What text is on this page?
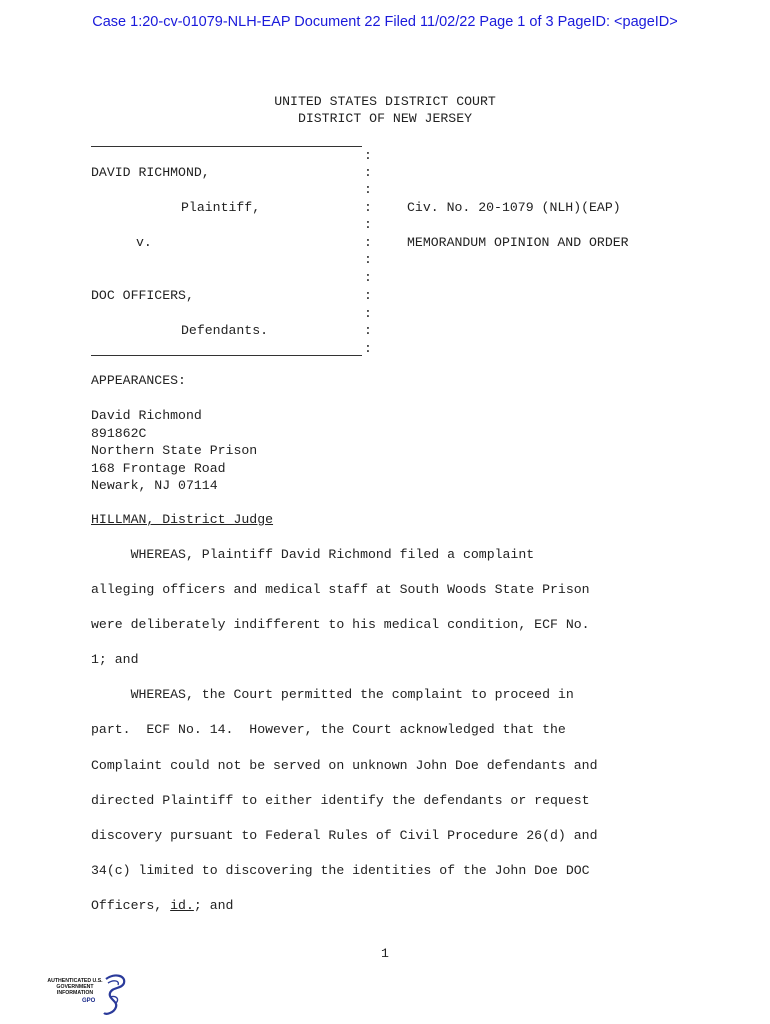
Case 1:20-cv-01079-NLH-EAP Document 22 Filed 11/02/22 Page 1 of 3 PageID: <pageID>
UNITED STATES DISTRICT COURT
DISTRICT OF NEW JERSEY
:
:
:
:
:
:
:
:
:
:
:
:
DAVID RICHMOND,
Plaintiff,
v.
DOC OFFICERS,
Defendants.
Civ. No. 20-1079 (NLH)(EAP)
MEMORANDUM OPINION AND ORDER
APPEARANCES:
David Richmond
891862C
Northern State Prison
168 Frontage Road
Newark, NJ 07114
HILLMAN, District Judge
WHEREAS, Plaintiff David Richmond filed a complaint
alleging officers and medical staff at South Woods State Prison
were deliberately indifferent to his medical condition, ECF No.
1; and
WHEREAS, the Court permitted the complaint to proceed in
part.  ECF No. 14.  However, the Court acknowledged that the
Complaint could not be served on unknown John Doe defendants and
directed Plaintiff to either identify the defendants or request
discovery pursuant to Federal Rules of Civil Procedure 26(d) and
34(c) limited to discovering the identities of the John Doe DOC
Officers, id.; and
1
AUTHENTICATED U.S. GOVERNMENT INFORMATION
GPO
